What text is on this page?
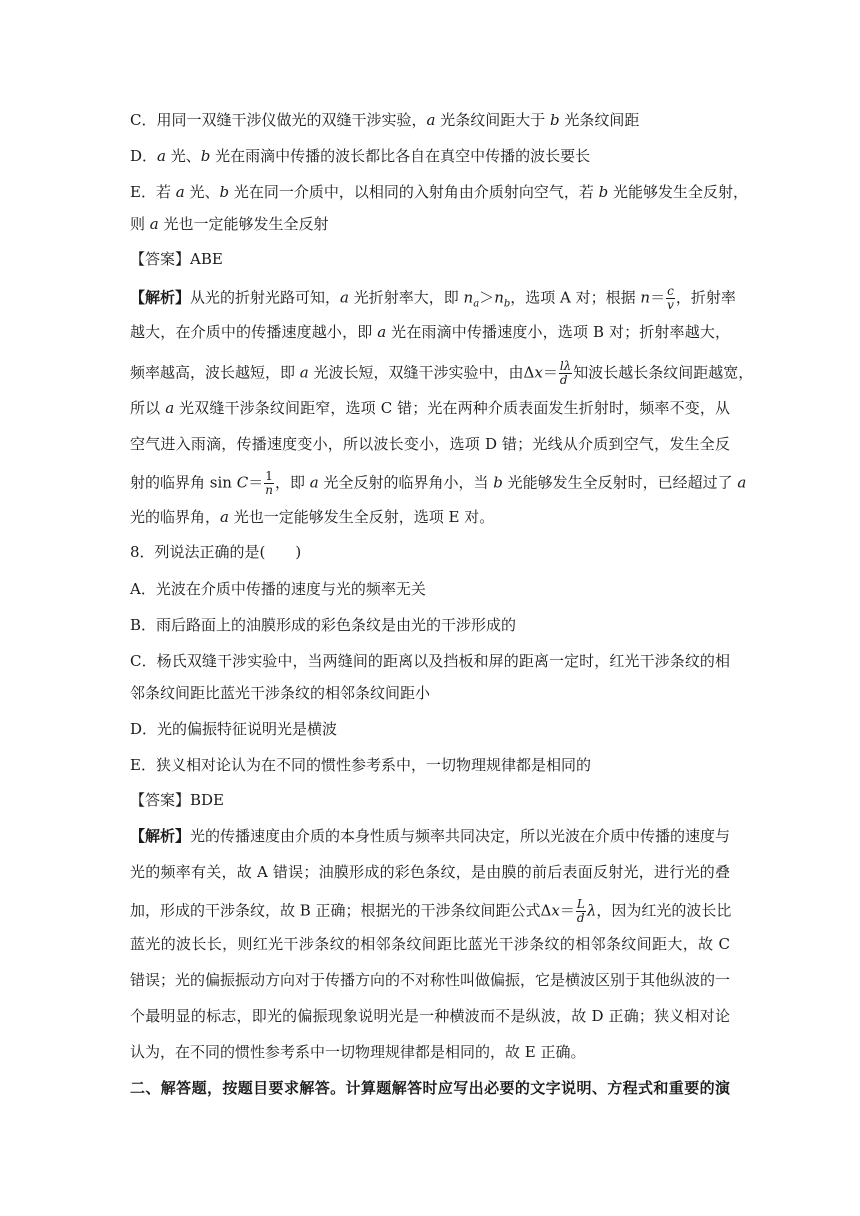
C．用同一双缝干涉仪做光的双缝干涉实验，a 光条纹间距大于 b 光条纹间距
D．a 光、b 光在雨滴中传播的波长都比各自在真空中传播的波长要长
E．若 a 光、b 光在同一介质中，以相同的入射角由介质射向空气，若 b 光能够发生全反射，
则 a 光也一定能够发生全反射
【答案】ABE
【解析】从光的折射光路可知，a 光折射率大，即 $n_a>n_b$，选项 A 对；根据 $n= \frac{c}{v}$ ，折射率
越大，在介质中的传播速度越小，即 a 光在雨滴中传播速度小，选项 B 对；折射率越大，
频率越高，波长越短，即 a 光波长短，双缝干涉实验中，由$\Delta x= \frac{l\lambda}{d}$ 知波长越长条纹间距越宽，
所以 a 光双缝干涉条纹间距窄，选项 C 错；光在两种介质表面发生折射时，频率不变，从
空气进入雨滴，传播速度变小，所以波长变小，选项 D 错；光线从介质到空气，发生全反
射的临界角 $\sin C= \frac{1}{n}$ ，即 a 光全反射的临界角小，当 b 光能够发生全反射时，已经超过了 a
光的临界角，a 光也一定能够发生全反射，选项 E 对。
8．列说法正确的是(　　)
A．光波在介质中传播的速度与光的频率无关
B．雨后路面上的油膜形成的彩色条纹是由光的干涉形成的
C．杨氏双缝干涉实验中，当两缝间的距离以及挡板和屏的距离一定时，红光干涉条纹的相
邻条纹间距比蓝光干涉条纹的相邻条纹间距小
D．光的偏振特征说明光是横波
E．狭义相对论认为在不同的惯性参考系中，一切物理规律都是相同的
【答案】BDE
【解析】光的传播速度由介质的本身性质与频率共同决定，所以光波在介质中传播的速度与
光的频率有关，故 A 错误；油膜形成的彩色条纹，是由膜的前后表面反射光，进行光的叠
加，形成的干涉条纹，故 B 正确；根据光的干涉条纹间距公式$\Delta x= \frac{L}{d}$ λ，因为红光的波长比
蓝光的波长长，则红光干涉条纹的相邻条纹间距比蓝光干涉条纹的相邻条纹间距大，故 C
错误；光的偏振振动方向对于传播方向的不对称性叫做偏振，它是横波区别于其他纵波的一
个最明显的标志，即光的偏振现象说明光是一种横波而不是纵波，故 D 正确；狭义相对论
认为，在不同的惯性参考系中一切物理规律都是相同的，故 E 正确。
二、解答题，按题目要求解答。计算题解答时应写出必要的文字说明、方程式和重要的演
